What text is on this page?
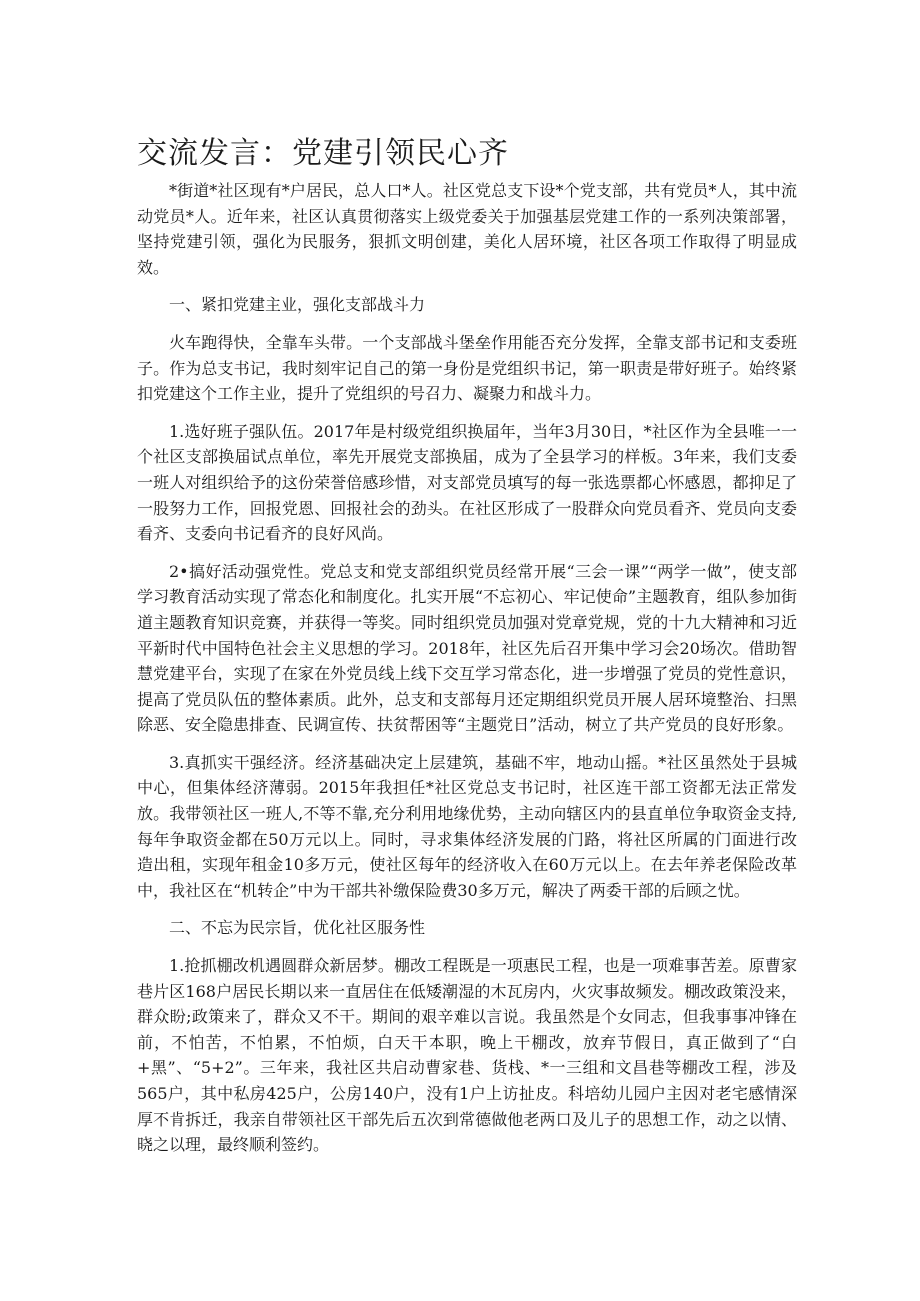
交流发言：党建引领民心齐

*街道*社区现有*户居民，总人口*人。社区党总支下设*个党支部，共有党员*人，其中流动党员*人。近年来，社区认真贯彻落实上级党委关于加强基层党建工作的一系列决策部署，坚持党建引领，强化为民服务，狠抓文明创建，美化人居环境，社区各项工作取得了明显成效。

一、紧扣党建主业，强化支部战斗力

火车跑得快，全靠车头带。一个支部战斗堡垒作用能否充分发挥，全靠支部书记和支委班子。作为总支书记，我时刻牢记自己的第一身份是党组织书记，第一职责是带好班子。始终紧扣党建这个工作主业，提升了党组织的号召力、凝聚力和战斗力。

1.选好班子强队伍。2017年是村级党组织换届年，当年3月30日，*社区作为全县唯一一个社区支部换届试点单位，率先开展党支部换届，成为了全县学习的样板。3年来，我们支委一班人对组织给予的这份荣誉倍感珍惜，对支部党员填写的每一张选票都心怀感恩，都抑足了一股努力工作，回报党恩、回报社会的劲头。在社区形成了一股群众向党员看齐、党员向支委看齐、支委向书记看齐的良好风尚。

2•搞好活动强党性。党总支和党支部组织党员经常开展“三会一课”“两学一做”，使支部学习教育活动实现了常态化和制度化。扎实开展“不忘初心、牢记使命”主题教育，组队参加街道主题教育知识竞赛，并获得一等奖。同时组织党员加强对党章党规，党的十九大精神和习近平新时代中国特色社会主义思想的学习。2018年，社区先后召开集中学习会20场次。借助智慧党建平台，实现了在家在外党员线上线下交互学习常态化，进一步增强了党员的党性意识，提高了党员队伍的整体素质。此外，总支和支部每月还定期组织党员开展人居环境整治、扫黑除恶、安全隐患排查、民调宣传、扶贫帮困等“主题党日”活动，树立了共产党员的良好形象。

3.真抓实干强经济。经济基础决定上层建筑，基础不牢，地动山摇。*社区虽然处于县城中心，但集体经济薄弱。2015年我担任*社区党总支书记时，社区连干部工资都无法正常发放。我带领社区一班人,不等不靠,充分利用地缘优势，主动向辖区内的县直单位争取资金支持,每年争取资金都在50万元以上。同时，寻求集体经济发展的门路，将社区所属的门面进行改造出租，实现年租金10多万元，使社区每年的经济收入在60万元以上。在去年养老保险改革中，我社区在“机转企”中为干部共补缴保险费30多万元，解决了两委干部的后顾之忧。

二、不忘为民宗旨，优化社区服务性

1.抢抓棚改机遇圆群众新居梦。棚改工程既是一项惠民工程，也是一项难事苦差。原曹家巷片区168户居民长期以来一直居住在低矮潮湿的木瓦房内，火灾事故频发。棚改政策没来，群众盼;政策来了，群众又不干。期间的艰辛难以言说。我虽然是个女同志，但我事事冲锋在前，不怕苦，不怕累，不怕烦，白天干本职，晚上干棚改，放弃节假日，真正做到了“白+黑”、“5+2”。三年来，我社区共启动曹家巷、货栈、*一三组和文昌巷等棚改工程，涉及565户，其中私房425户，公房140户，没有1户上访扯皮。科培幼儿园户主因对老宅感情深厚不肯拆迁，我亲自带领社区干部先后五次到常德做他老两口及儿子的思想工作，动之以情、晓之以理，最终顺利签约。
